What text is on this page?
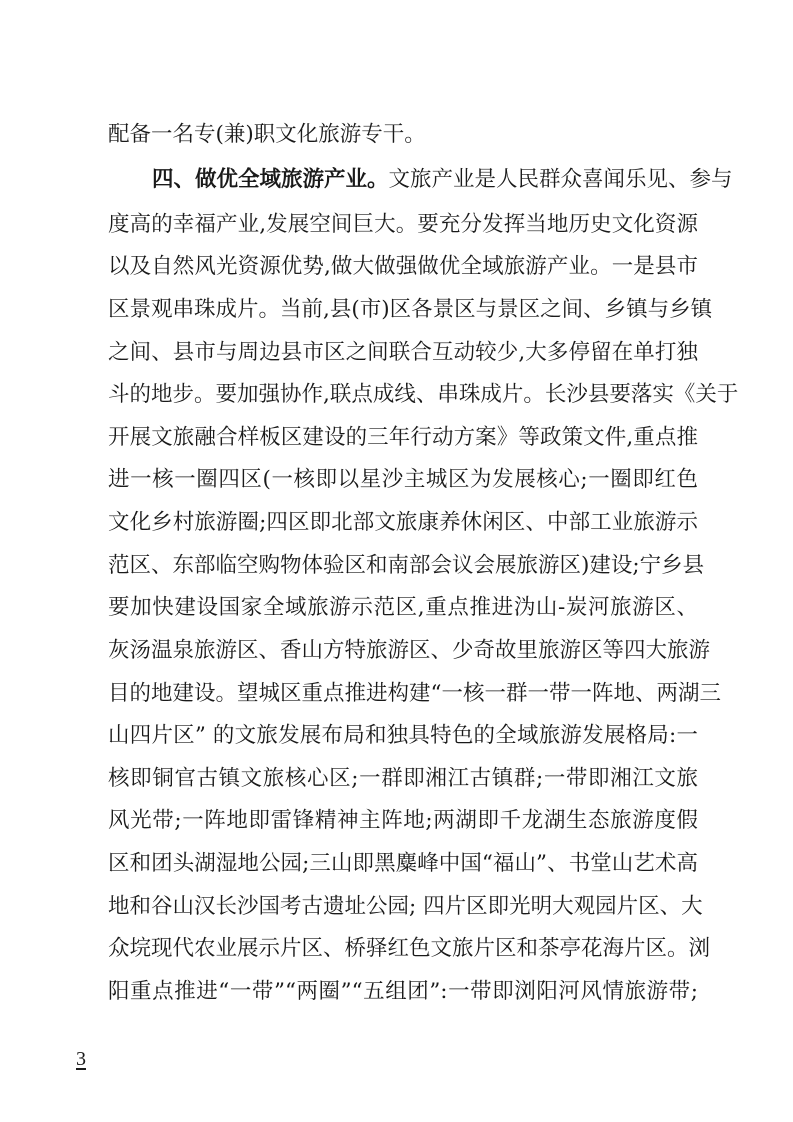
配备一名专(兼)职文化旅游专干。
四、做优全域旅游产业。文旅产业是人民群众喜闻乐见、参与
度高的幸福产业,发展空间巨大。要充分发挥当地历史文化资源
以及自然风光资源优势,做大做强做优全域旅游产业。一是县市
区景观串珠成片。当前,县(市)区各景区与景区之间、乡镇与乡镇
之间、县市与周边县市区之间联合互动较少,大多停留在单打独
斗的地步。要加强协作,联点成线、串珠成片。长沙县要落实《关于
开展文旅融合样板区建设的三年行动方案》等政策文件,重点推
进一核一圈四区(一核即以星沙主城区为发展核心;一圈即红色
文化乡村旅游圈;四区即北部文旅康养休闲区、中部工业旅游示
范区、东部临空购物体验区和南部会议会展旅游区)建设;宁乡县
要加快建设国家全域旅游示范区,重点推进沩山-炭河旅游区、
灰汤温泉旅游区、香山方特旅游区、少奇故里旅游区等四大旅游
目的地建设。望城区重点推进构建“一核一群一带一阵地、两湖三
山四片区” 的文旅发展布局和独具特色的全域旅游发展格局:一
核即铜官古镇文旅核心区;一群即湘江古镇群;一带即湘江文旅
风光带;一阵地即雷锋精神主阵地;两湖即千龙湖生态旅游度假
区和团头湖湿地公园;三山即黑麋峰中国“福山”、书堂山艺术高
地和谷山汉长沙国考古遗址公园; 四片区即光明大观园片区、大
众垸现代农业展示片区、桥驿红色文旅片区和茶亭花海片区。浏
阳重点推进“一带”“两圈”“五组团”:一带即浏阳河风情旅游带;
3
